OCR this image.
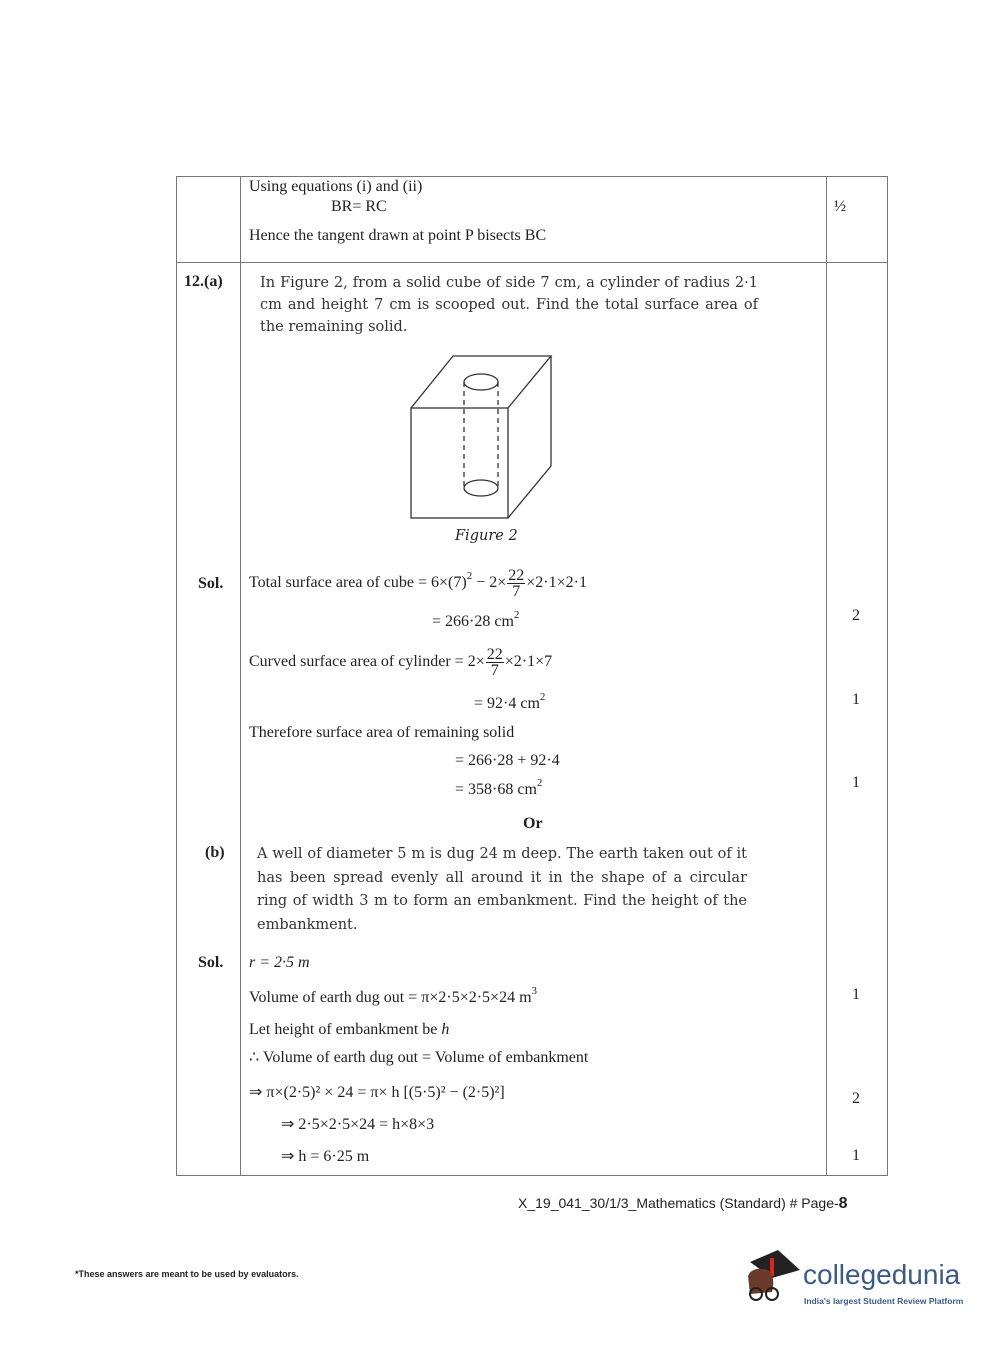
Using equations (i) and (ii)
BR= RC	½
Hence the tangent drawn at point P bisects BC
12.(a)	In Figure 2, from a solid cube of side 7 cm, a cylinder of radius 2·1 cm and height 7 cm is scooped out. Find the total surface area of the remaining solid.
Figure 2
Sol. Total surface area of cube = $6\times(7)^2 - 2\times \frac{22}{7} \times 2\cdot 1\times 2\cdot 1$
= 266·28 $cm^2$	2
Curved surface area of cylinder = $2\times \frac{22}{7} \times 2\cdot 1\times 7$
= 92·4 $cm^2$	1
Therefore surface area of remaining solid
= 266·28 + 92·4
= 358·68 $cm^2$	1
Or
(b) A well of diameter 5 m is dug 24 m deep. The earth taken out of it has been spread evenly all around it in the shape of a circular ring of width 3 m to form an embankment. Find the height of the embankment.
Sol. r = 2·5 m
Volume of earth dug out = π×2·5×2·5×24 $m^3$	1
Let height of embankment be h
∴ Volume of earth dug out = Volume of embankment
⇒ π×(2·5)² × 24 = π× h [(5·5)² − (2·5)²]	2
⇒ 2·5×2·5×24 = h×8×3
⇒ h = 6·25 m	1
X_19_041_30/1/3_Mathematics (Standard) # Page-8
*These answers are meant to be used by evaluators.	collegedunia
India's largest Student Review Platform
